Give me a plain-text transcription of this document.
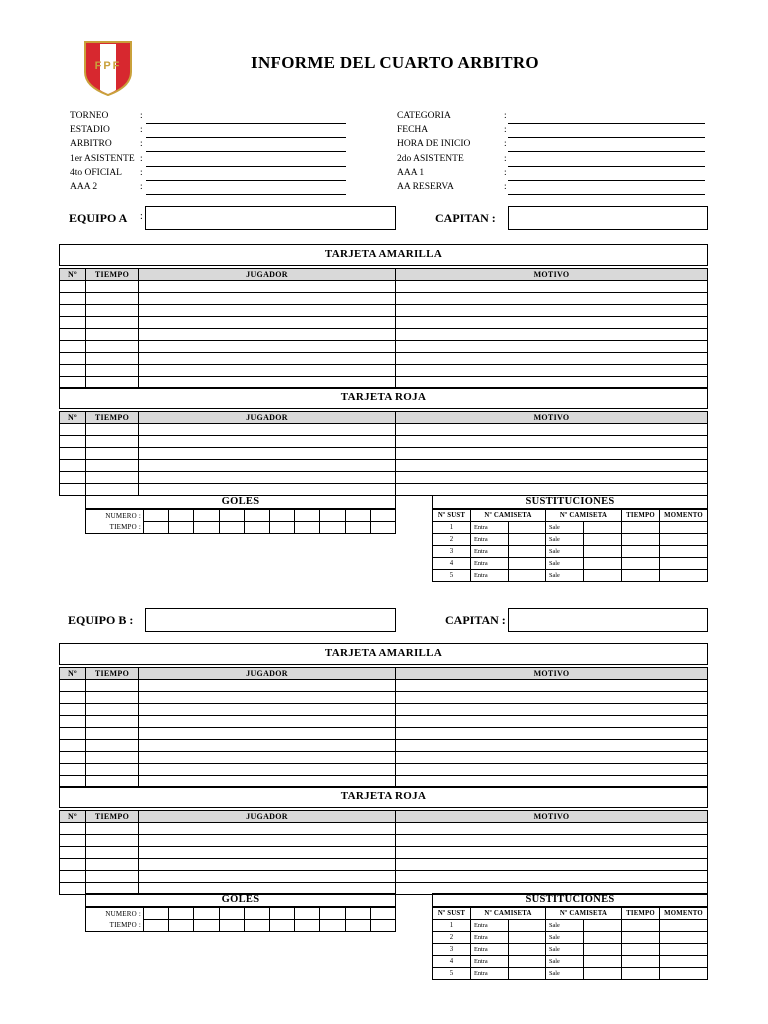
FPF	INFORME DEL CUARTO ARBITRO
TORNEO	:
ESTADIO	:
ARBITRO	:
1er ASISTENTE :
4to OFICIAL :
AAA 2	:
CATEGORIA	:
FECHA	:
HORA DE INICIO	:
2do ASISTENTE	:
AAA 1	:
AA RESERVA	:
EQUIPO A :	CAPITAN :
TARJETA AMARILLA
Nº	TIEMPO	JUGADOR	MOTIVO

TARJETA ROJA
Nº	TIEMPO	JUGADOR	MOTIVO

GOLES
NUMERO :										
TIEMPO :										
SUSTITUCIONES
Nº SUST	Nº CAMISETA		Nº CAMISETA		TIEMPO	MOMENTO
1	Entra		Sale			
2	Entra		Sale			
3	Entra		Sale			
4	Entra		Sale			
5	Entra		Sale			
EQUIPO B :	CAPITAN :
TARJETA AMARILLA
Nº	TIEMPO	JUGADOR	MOTIVO

TARJETA ROJA
Nº	TIEMPO	JUGADOR	MOTIVO

GOLES
NUMERO :										
TIEMPO :										
SUSTITUCIONES
Nº SUST	Nº CAMISETA		Nº CAMISETA		TIEMPO	MOMENTO
1	Entra		Sale			
2	Entra		Sale			
3	Entra		Sale			
4	Entra		Sale			
5	Entra		Sale			
